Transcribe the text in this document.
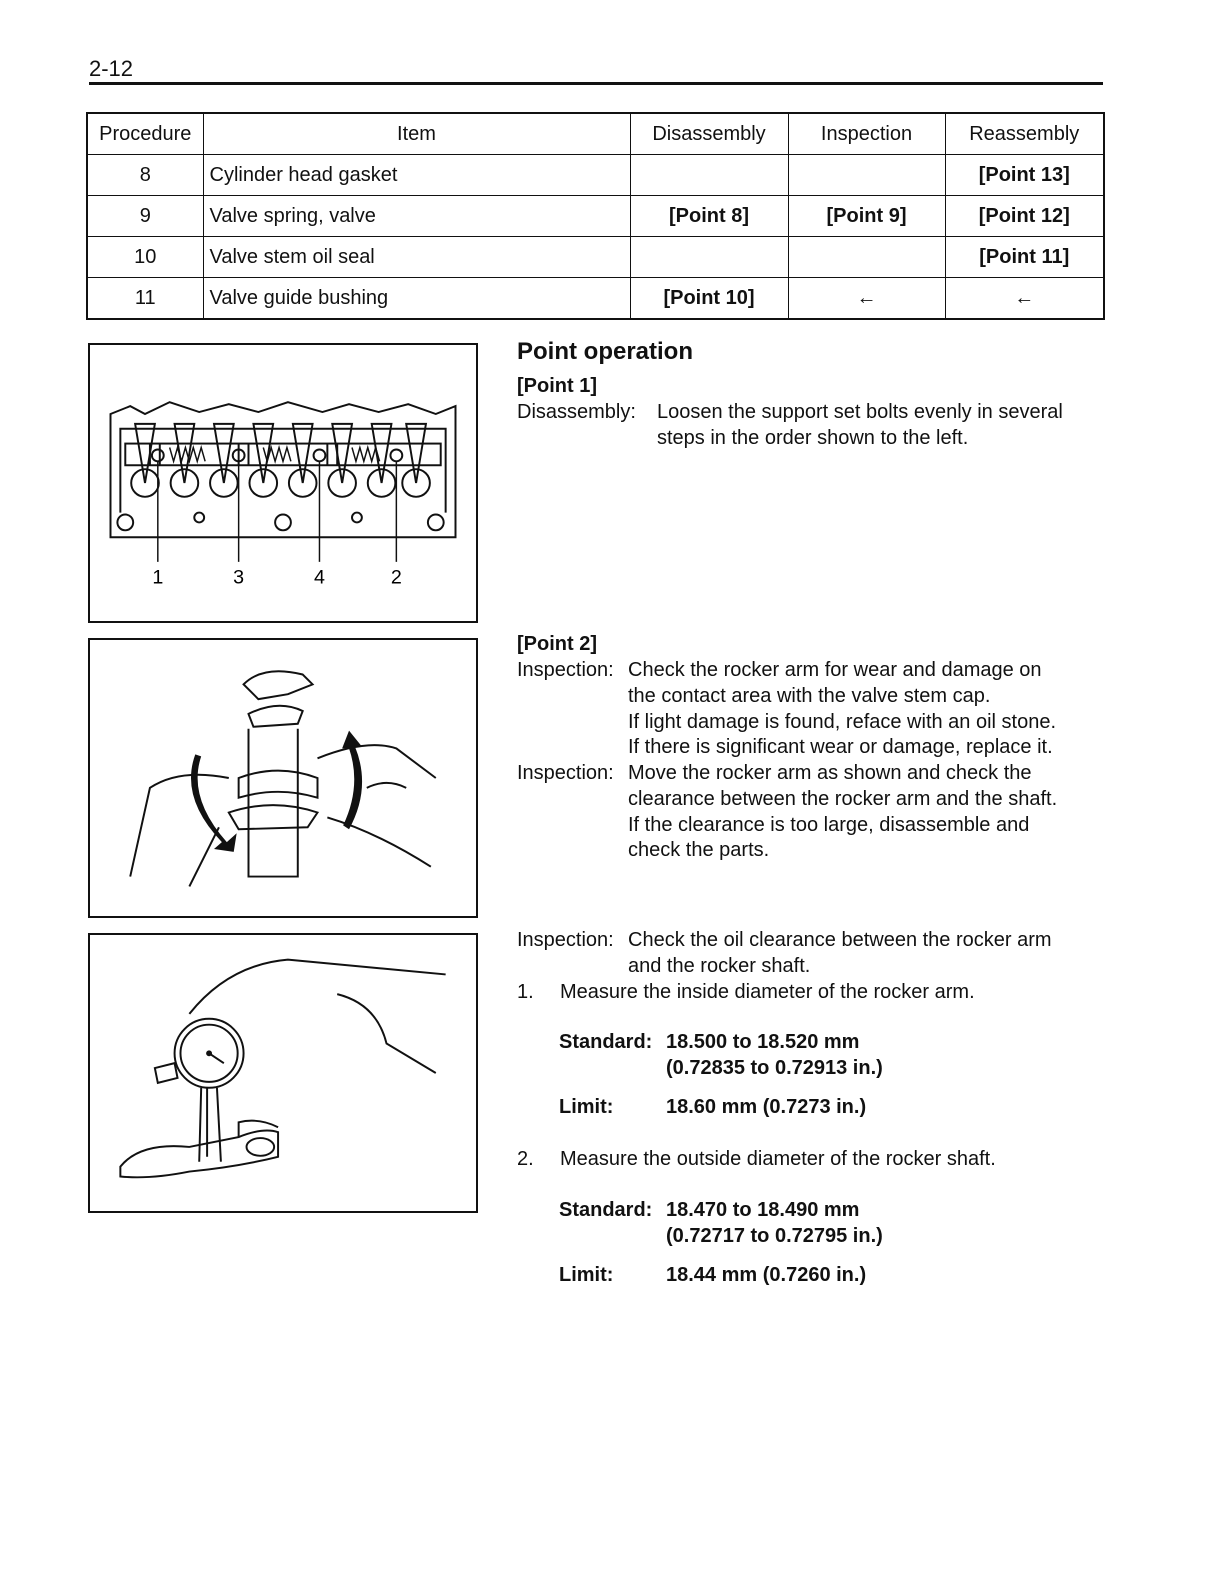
2-12
Procedure	Item	Disassembly	Inspection	Reassembly
8	Cylinder head gasket			[Point 13]
9	Valve spring, valve	[Point 8]	[Point 9]	[Point 12]
10	Valve stem oil seal			[Point 11]
11	Valve guide bushing	[Point 10]	←	←
1	3	4	2
Point operation
[Point 1]
Disassembly: Loosen the support set bolts evenly in several
steps in the order shown to the left.
[Point 2]
Inspection: Check the rocker arm for wear and damage on
the contact area with the valve stem cap.
If light damage is found, reface with an oil stone.
If there is significant wear or damage, replace it.
Inspection: Move the rocker arm as shown and check the
clearance between the rocker arm and the shaft.
If the clearance is too large, disassemble and
check the parts.
Inspection: Check the oil clearance between the rocker arm
and the rocker shaft.
1. Measure the inside diameter of the rocker arm.
Standard: 18.500 to 18.520 mm
(0.72835 to 0.72913 in.)
Limit:	18.60 mm (0.7273 in.)
2. Measure the outside diameter of the rocker shaft.
Standard: 18.470 to 18.490 mm
(0.72717 to 0.72795 in.)
Limit:	18.44 mm (0.7260 in.)
